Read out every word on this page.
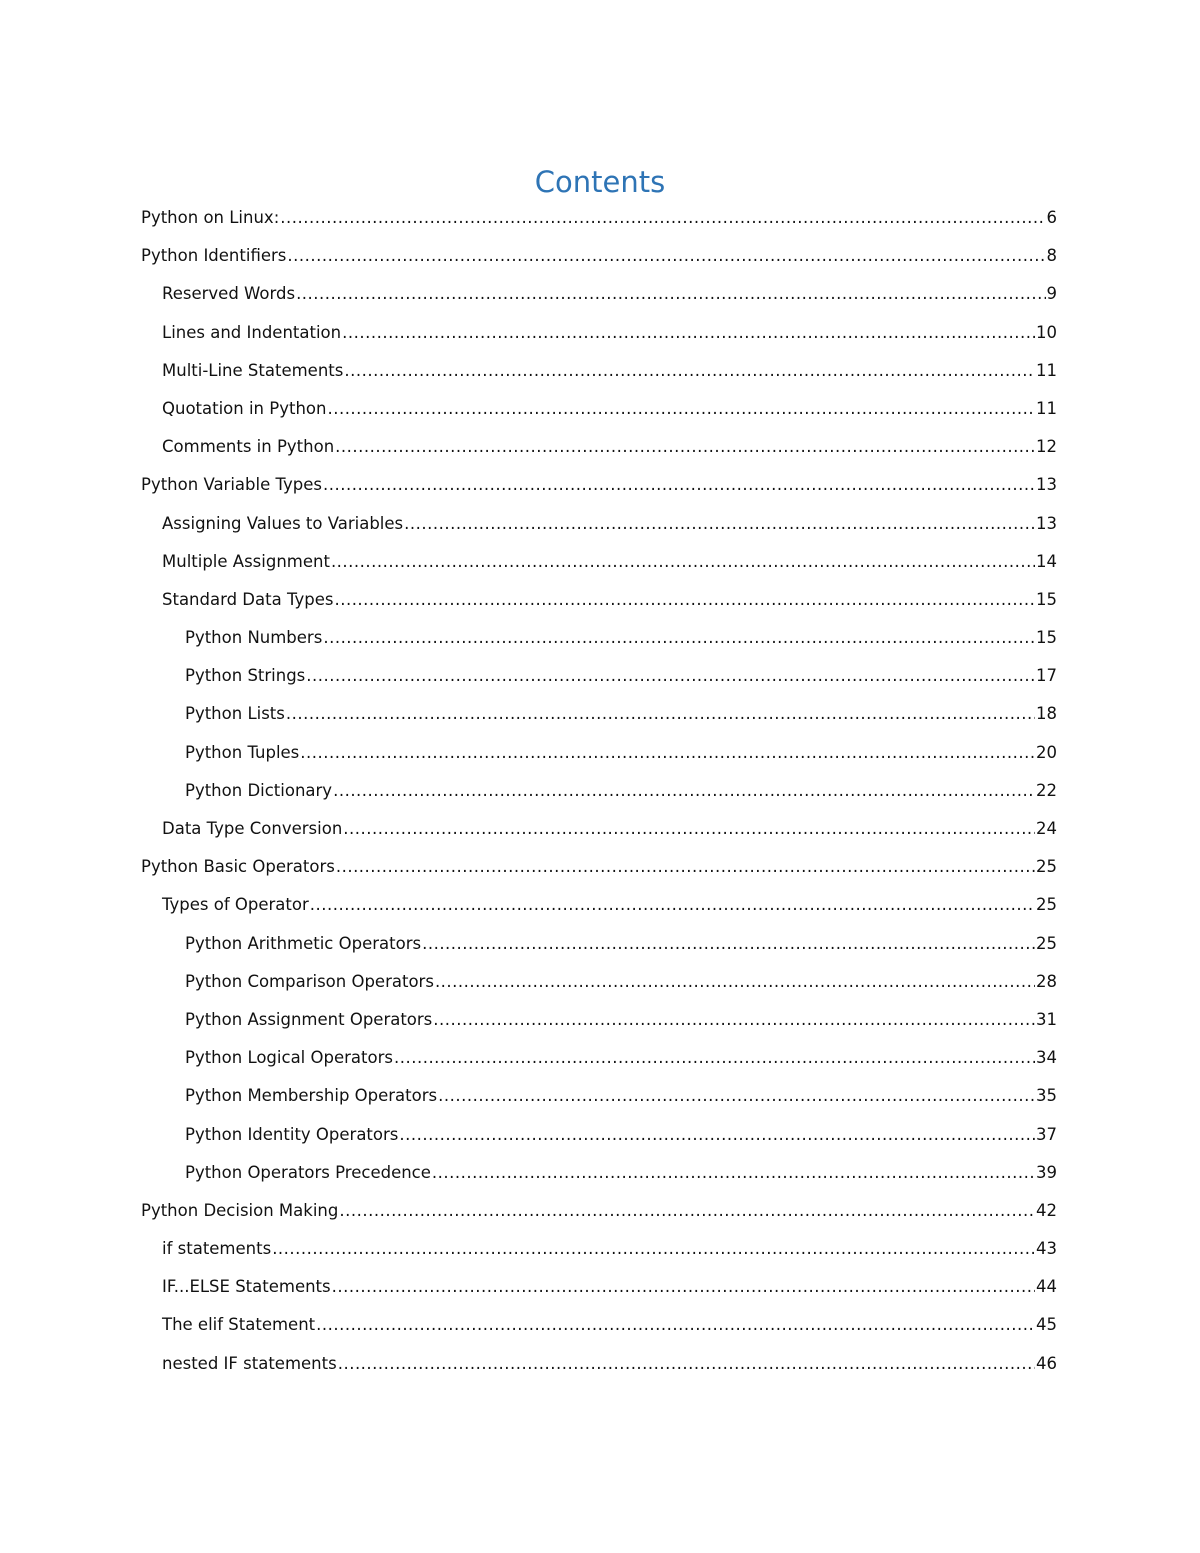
Contents
Python on Linux: .....	6
Python Identifiers .....	8
Reserved Words .....	9
Lines and Indentation .....	10
Multi-Line Statements .....	11
Quotation in Python .....	11
Comments in Python .....	12
Python Variable Types .....	13
Assigning Values to Variables .....	13
Multiple Assignment .....	14
Standard Data Types .....	15
Python Numbers .....	15
Python Strings .....	17
Python Lists .....	18
Python Tuples .....	20
Python Dictionary .....	22
Data Type Conversion .....	24
Python Basic Operators .....	25
Types of Operator .....	25
Python Arithmetic Operators .....	25
Python Comparison Operators .....	28
Python Assignment Operators .....	31
Python Logical Operators .....	34
Python Membership Operators .....	35
Python Identity Operators .....	37
Python Operators Precedence .....	39
Python Decision Making .....	42
if statements .....	43
IF...ELSE Statements .....	44
The elif Statement .....	45
nested IF statements .....	46
